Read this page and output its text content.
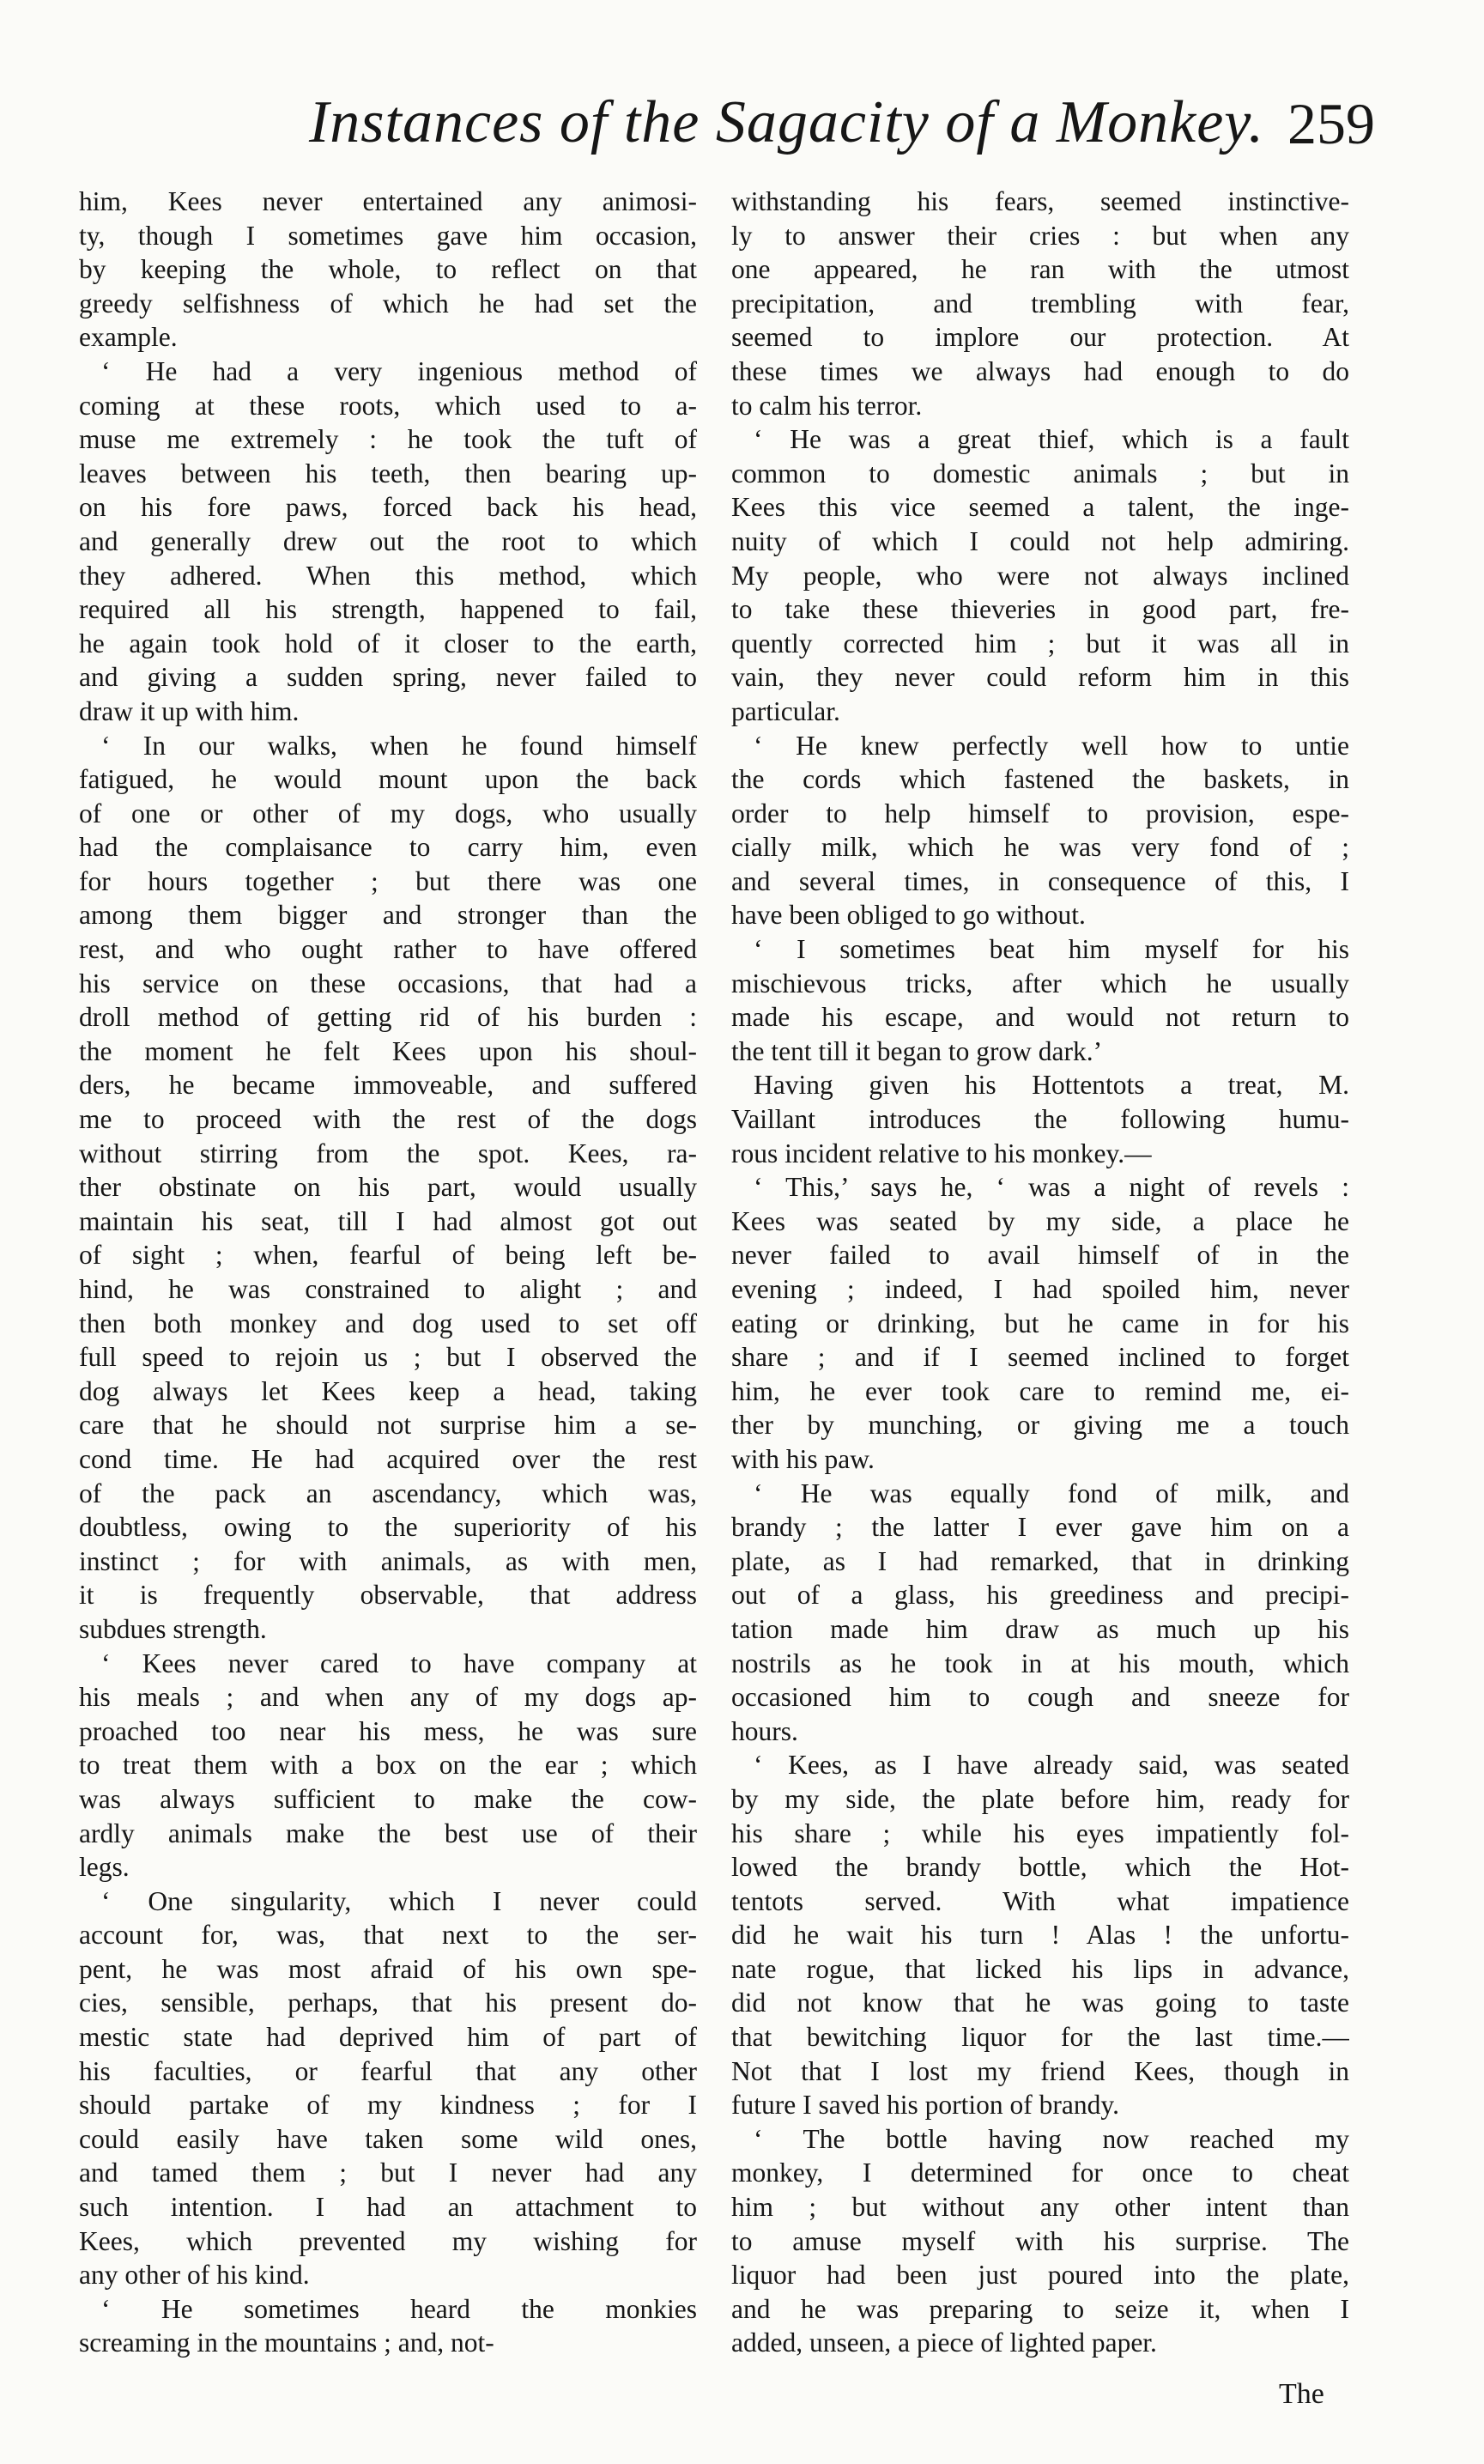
Instances of the Sagacity of a Monkey. 259
him, Kees never entertained any animosi-
ty, though I sometimes gave him occasion,
by keeping the whole, to reflect on that
greedy selfishness of which he had set the
example.
‘ He had a very ingenious method of
coming at these roots, which used to a-
muse me extremely : he took the tuft of
leaves between his teeth, then bearing up-
on his fore paws, forced back his head,
and generally drew out the root to which
they adhered. When this method, which
required all his strength, happened to fail,
he again took hold of it closer to the earth,
and giving a sudden spring, never failed to
draw it up with him.
‘ In our walks, when he found himself
fatigued, he would mount upon the back
of one or other of my dogs, who usually
had the complaisance to carry him, even
for hours together ; but there was one
among them bigger and stronger than the
rest, and who ought rather to have offered
his service on these occasions, that had a
droll method of getting rid of his burden :
the moment he felt Kees upon his shoul-
ders, he became immoveable, and suffered
me to proceed with the rest of the dogs
without stirring from the spot. Kees, ra-
ther obstinate on his part, would usually
maintain his seat, till I had almost got out
of sight ; when, fearful of being left be-
hind, he was constrained to alight ; and
then both monkey and dog used to set off
full speed to rejoin us ; but I observed the
dog always let Kees keep a head, taking
care that he should not surprise him a se-
cond time. He had acquired over the rest
of the pack an ascendancy, which was,
doubtless, owing to the superiority of his
instinct ; for with animals, as with men,
it is frequently observable, that address
subdues strength.
‘ Kees never cared to have company at
his meals ; and when any of my dogs ap-
proached too near his mess, he was sure
to treat them with a box on the ear ; which
was always sufficient to make the cow-
ardly animals make the best use of their
legs.
‘ One singularity, which I never could
account for, was, that next to the ser-
pent, he was most afraid of his own spe-
cies, sensible, perhaps, that his present do-
mestic state had deprived him of part of
his faculties, or fearful that any other
should partake of my kindness ; for I
could easily have taken some wild ones,
and tamed them ; but I never had any
such intention. I had an attachment to
Kees, which prevented my wishing for
any other of his kind.
‘ He sometimes heard the monkies
screaming in the mountains ; and, not-
withstanding his fears, seemed instinctive-
ly to answer their cries : but when any
one appeared, he ran with the utmost
precipitation, and trembling with fear,
seemed to implore our protection. At
these times we always had enough to do
to calm his terror.
‘ He was a great thief, which is a fault
common to domestic animals ; but in
Kees this vice seemed a talent, the inge-
nuity of which I could not help admiring.
My people, who were not always inclined
to take these thieveries in good part, fre-
quently corrected him ; but it was all in
vain, they never could reform him in this
particular.
‘ He knew perfectly well how to untie
the cords which fastened the baskets, in
order to help himself to provision, espe-
cially milk, which he was very fond of ;
and several times, in consequence of this, I
have been obliged to go without.
‘ I sometimes beat him myself for his
mischievous tricks, after which he usually
made his escape, and would not return to
the tent till it began to grow dark.’
Having given his Hottentots a treat, M.
Vaillant introduces the following humu-
rous incident relative to his monkey.—
‘ This,’ says he, ‘ was a night of revels :
Kees was seated by my side, a place he
never failed to avail himself of in the
evening ; indeed, I had spoiled him, never
eating or drinking, but he came in for his
share ; and if I seemed inclined to forget
him, he ever took care to remind me, ei-
ther by munching, or giving me a touch
with his paw.
‘ He was equally fond of milk, and
brandy ; the latter I ever gave him on a
plate, as I had remarked, that in drinking
out of a glass, his greediness and precipi-
tation made him draw as much up his
nostrils as he took in at his mouth, which
occasioned him to cough and sneeze for
hours.
‘ Kees, as I have already said, was seated
by my side, the plate before him, ready for
his share ; while his eyes impatiently fol-
lowed the brandy bottle, which the Hot-
tentots served. With what impatience
did he wait his turn ! Alas ! the unfortu-
nate rogue, that licked his lips in advance,
did not know that he was going to taste
that bewitching liquor for the last time.—
Not that I lost my friend Kees, though in
future I saved his portion of brandy.
‘ The bottle having now reached my
monkey, I determined for once to cheat
him ; but without any other intent than
to amuse myself with his surprise. The
liquor had been just poured into the plate,
and he was preparing to seize it, when I
added, unseen, a piece of lighted paper.
The
